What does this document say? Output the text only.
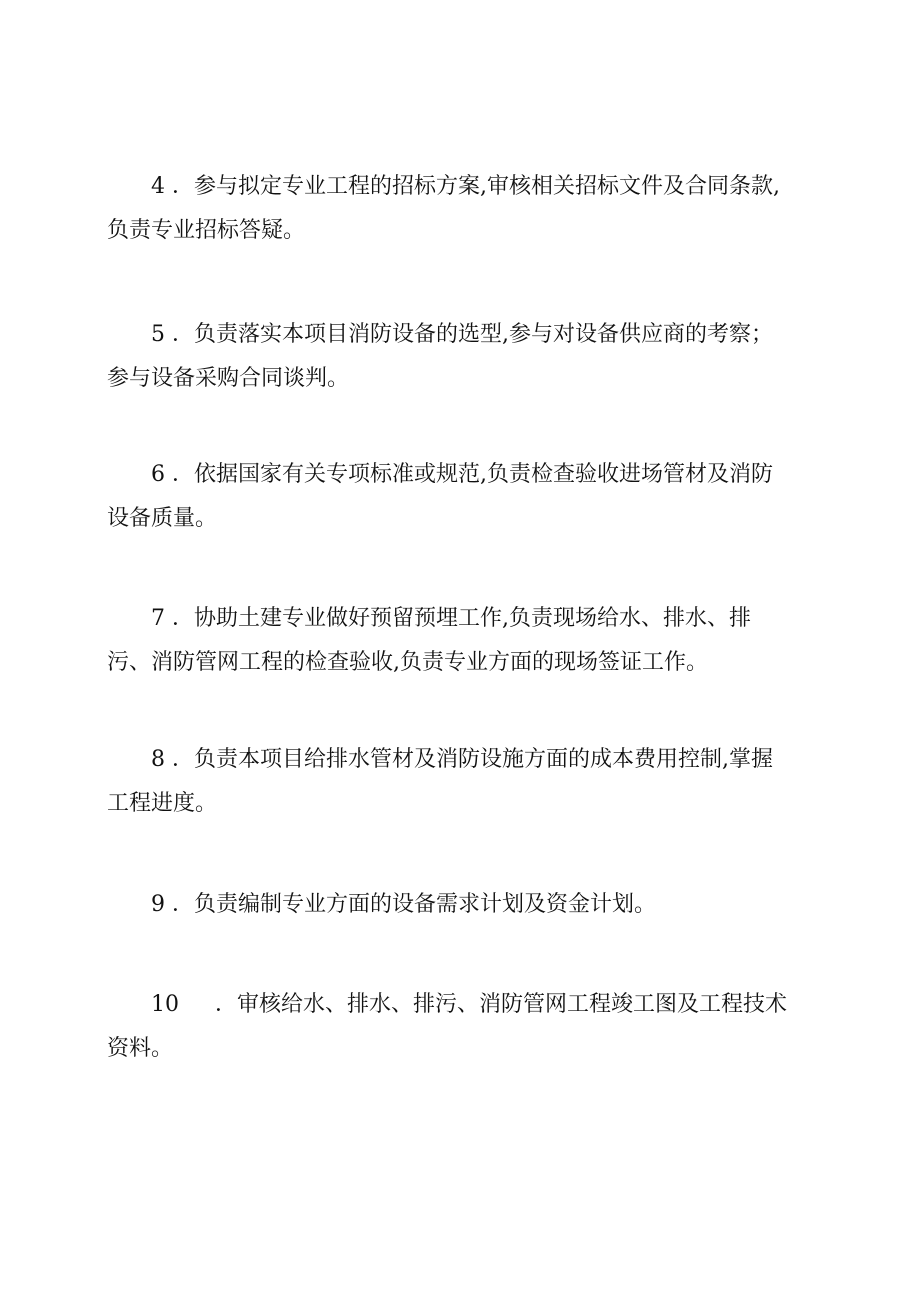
4 ．参与拟定专业工程的招标方案,审核相关招标文件及合同条款,
负责专业招标答疑。
5 ．负责落实本项目消防设备的选型,参与对设备供应商的考察；
参与设备采购合同谈判。
6 ．依据国家有关专项标准或规范,负责检查验收进场管材及消防
设备质量。
7 ．协助土建专业做好预留预埋工作,负责现场给水、排水、排
污、消防管网工程的检查验收,负责专业方面的现场签证工作。
8 ．负责本项目给排水管材及消防设施方面的成本费用控制,掌握
工程进度。
9 ．负责编制专业方面的设备需求计划及资金计划。
10 ．审核给水、排水、排污、消防管网工程竣工图及工程技术
资料。
